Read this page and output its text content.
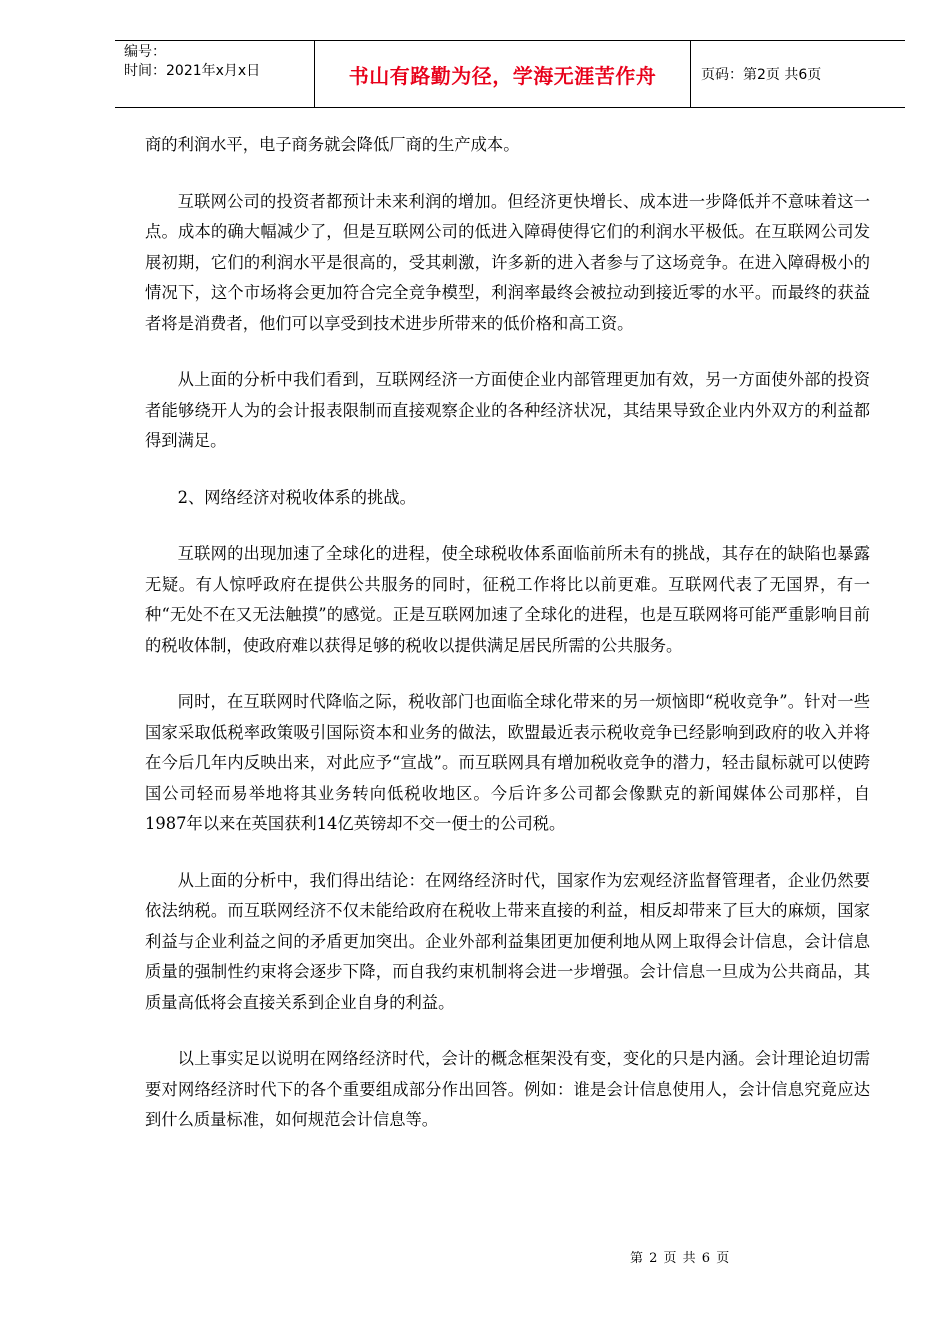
编号：
时间：2021年x月x日	书山有路勤为径，学海无涯苦作舟	页码：第2页 共6页

商的利润水平，电子商务就会降低厂商的生产成本。

互联网公司的投资者都预计未来利润的增加。但经济更快增长、成本进一步降低并不意味着这一点。成本的确大幅减少了，但是互联网公司的低进入障碍使得它们的利润水平极低。在互联网公司发展初期，它们的利润水平是很高的，受其刺激，许多新的进入者参与了这场竞争。在进入障碍极小的情况下，这个市场将会更加符合完全竞争模型，利润率最终会被拉动到接近零的水平。而最终的获益者将是消费者，他们可以享受到技术进步所带来的低价格和高工资。

从上面的分析中我们看到，互联网经济一方面使企业内部管理更加有效，另一方面使外部的投资者能够绕开人为的会计报表限制而直接观察企业的各种经济状况，其结果导致企业内外双方的利益都得到满足。

2、网络经济对税收体系的挑战。

互联网的出现加速了全球化的进程，使全球税收体系面临前所未有的挑战，其存在的缺陷也暴露无疑。有人惊呼政府在提供公共服务的同时，征税工作将比以前更难。互联网代表了无国界，有一种“无处不在又无法触摸”的感觉。正是互联网加速了全球化的进程，也是互联网将可能严重影响目前的税收体制，使政府难以获得足够的税收以提供满足居民所需的公共服务。

同时，在互联网时代降临之际，税收部门也面临全球化带来的另一烦恼即“税收竞争”。针对一些国家采取低税率政策吸引国际资本和业务的做法，欧盟最近表示税收竞争已经影响到政府的收入并将在今后几年内反映出来，对此应予“宣战”。而互联网具有增加税收竞争的潜力，轻击鼠标就可以使跨国公司轻而易举地将其业务转向低税收地区。今后许多公司都会像默克的新闻媒体公司那样，自1987年以来在英国获利14亿英镑却不交一便士的公司税。

从上面的分析中，我们得出结论：在网络经济时代，国家作为宏观经济监督管理者，企业仍然要依法纳税。而互联网经济不仅未能给政府在税收上带来直接的利益，相反却带来了巨大的麻烦，国家利益与企业利益之间的矛盾更加突出。企业外部利益集团更加便利地从网上取得会计信息，会计信息质量的强制性约束将会逐步下降，而自我约束机制将会进一步增强。会计信息一旦成为公共商品，其质量高低将会直接关系到企业自身的利益。

以上事实足以说明在网络经济时代，会计的概念框架没有变，变化的只是内涵。会计理论迫切需要对网络经济时代下的各个重要组成部分作出回答。例如：谁是会计信息使用人，会计信息究竟应达到什么质量标准，如何规范会计信息等。

第 2 页 共 6 页
